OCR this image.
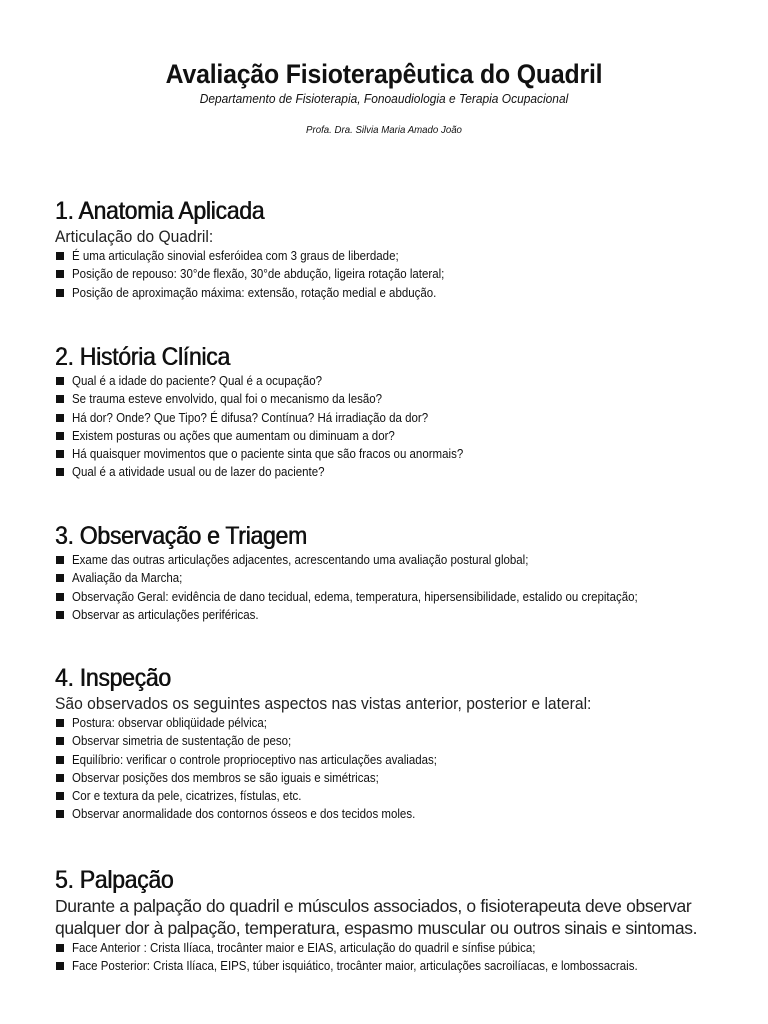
Avaliação Fisioterapêutica do Quadril
Departamento de Fisioterapia, Fonoaudiologia e Terapia Ocupacional
Profa. Dra. Silvia Maria Amado João
1. Anatomia Aplicada

Articulação do Quadril:

É uma articulação sinovial esferóidea com 3 graus de liberdade;
Posição de repouso: 30°de flexão, 30°de abdução, ligeira rotação lateral;
Posição de aproximação máxima: extensão, rotação medial e abdução.
2. História Clínica
Qual é a idade do paciente? Qual é a ocupação?
Se trauma esteve envolvido, qual foi o mecanismo da lesão?
Há dor? Onde? Que Tipo? É difusa? Contínua? Há irradiação da dor?
Existem posturas ou ações que aumentam ou diminuam a dor?
Há quaisquer movimentos que o paciente sinta que são fracos ou anormais?
Qual é a atividade usual ou de lazer do paciente?
3. Observação e Triagem
Exame das outras articulações adjacentes, acrescentando uma avaliação postural global;
Avaliação da Marcha;
Observação Geral: evidência de dano tecidual, edema, temperatura, hipersensibilidade, estalido ou crepitação;
Observar as articulações periféricas.
4. Inspeção

São observados os seguintes aspectos nas vistas anterior, posterior e lateral:

Postura: observar obliqüidade pélvica;
Observar simetria de sustentação de peso;
Equilíbrio: verificar o controle proprioceptivo nas articulações avaliadas;
Observar posições dos membros se são iguais e simétricas;
Cor e textura da pele, cicatrizes, fístulas, etc.
Observar anormalidade dos contornos ósseos e dos tecidos moles.
5. Palpação

Durante a palpação do quadril e músculos associados, o fisioterapeuta deve observar qualquer dor à palpação, temperatura, espasmo muscular ou outros sinais e sintomas.

Face Anterior : Crista Ilíaca, trocânter maior e EIAS, articulação do quadril e sínfise púbica;
Face Posterior: Crista Ilíaca, EIPS, túber isquiático, trocânter maior, articulações sacroilíacas, e lombossacrais.
